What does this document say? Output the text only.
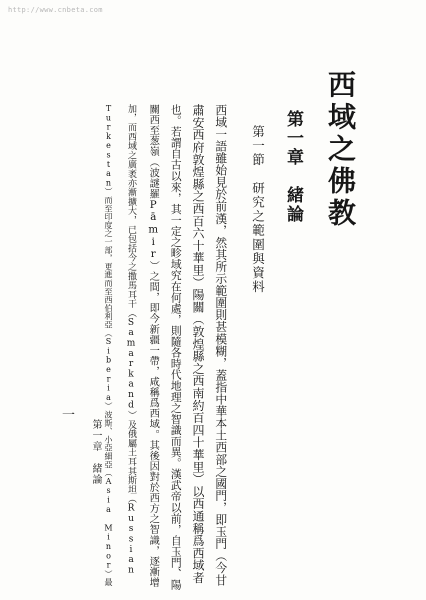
http://www.cnbeta.com
西域之佛教
第一章　緒論
第一節　研究之範圍與資料
西域一語雖始見於前漢，然其所示範圍則甚模糊，蓋指中華本土西部之國門，即玉門（今甘
肅安西府敦煌縣之西百六十華里）陽關（敦煌縣之西南約百四十華里）以西通稱爲西域者
也。若謂自古以來，其一定之畛域究在何處，則隨各時代地理之智識而異。漢武帝以前，自玉門、陽
關西至葱嶺（波謎羅Pāmir）之間，即今新疆一帶，咸稱爲西域。其後因對於西方之智識，逐漸增
加，而西域之廣袤亦漸擴大，已包括今之撒馬耳干（Samarkand）及俄屬土耳其斯坦（Russian
Turkestan）而至印度之一部，更進而至西伯利亞（Siberia）波斯、小亞細亞（Asia Minor）最
第一章　緒論
一
